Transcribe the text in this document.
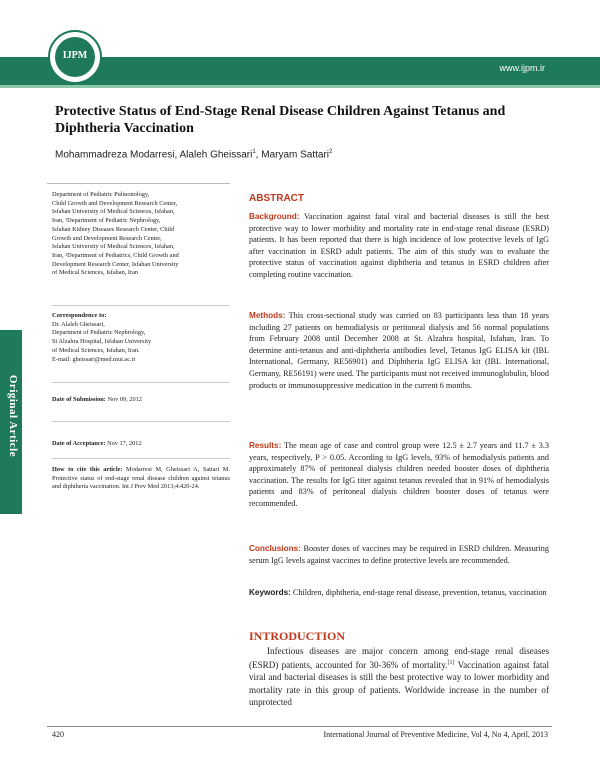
www.ijpm.ir
IJPM
Protective Status of End-Stage Renal Disease Children Against Tetanus and Diphtheria Vaccination
Mohammadreza Modarresi, Alaleh Gheissari$^1$, Maryam Sattari$^2$
Department of Pediatric Pulmonology,
Child Growth and Development Research Center,
Isfahan University of Medical Sciences, Isfahan,
Iran, ¹Department of Pediatric Nephrology,
Isfahan Kidney Diseases Research Center, Child
Growth and Development Research Center,
Isfahan University of Medical Sciences, Isfahan,
Iran, ²Department of Pediatrics, Child Growth and
Development Research Center, Isfahan University
of Medical Sciences, Isfahan, Iran
Correspondence to:
Dr. Alaleh Gheissari,
Department of Pediatric Nephrology,
St Alzahra Hospital, Isfahan University
of Medical Sciences, Isfahan, Iran.
E-mail: gheissari@med.mui.ac.ir
Date of Submission: Nov 09, 2012
Date of Acceptance: Nov 17, 2012
How to cite this article: Modarresi M, Gheissari A, Sattari M. Protective status of end-stage renal disease children against tetanus and diphtheria vaccination. Int J Prev Med 2013;4:420-24.
Original Article
ABSTRACT
Background: Vaccination against fatal viral and bacterial diseases is still the best protective way to lower morbidity and mortality rate in end-stage renal disease (ESRD) patients. It has been reported that there is high incidence of low protective levels of IgG after vaccination in ESRD adult patients. The aim of this study was to evaluate the protective status of vaccination against diphtheria and tetanus in ESRD children after completing routine vaccination.
Methods: This cross-sectional study was carried on 83 participants less than 18 years including 27 patients on hemodialysis or peritoneal dialysis and 56 normal populations from February 2008 until December 2008 at St. Alzahra hospital, Isfahan, Iran. To determine anti-tetanus and anti-diphtheria antibodies level, Tetanus IgG ELISA kit (IBL International, Germany, RE56901) and Diphtheria IgG ELISA kit (IBL International, Germany, RE56191) were used. The participants must not received immunoglobulin, blood products or immunosuppressive medication in the current 6 months.
Results: The mean age of case and control group were 12.5 ± 2.7 years and 11.7 ± 3.3 years, respectively, P > 0.05. According to IgG levels, 93% of hemodialysis patients and approximately 87% of peritoneal dialysis children needed booster doses of diphtheria vaccination. The results for IgG titer against tetanus revealed that in 91% of hemodialysis patients and 83% of peritoneal dialysis children booster doses of tetanus were recommended.
Conclusions: Booster doses of vaccines may be required in ESRD children. Measuring serum IgG levels against vaccines to define protective levels are recommended.
Keywords: Children, diphtheria, end-stage renal disease, prevention, tetanus, vaccination
INTRODUCTION
Infectious diseases are major concern among end-stage renal diseases (ESRD) patients, accounted for 30-36% of mortality.[1] Vaccination against fatal viral and bacterial diseases is still the best protective way to lower morbidity and mortality rate in this group of patients. Worldwide increase in the number of unprotected
420	International Journal of Preventive Medicine, Vol 4, No 4, April, 2013
